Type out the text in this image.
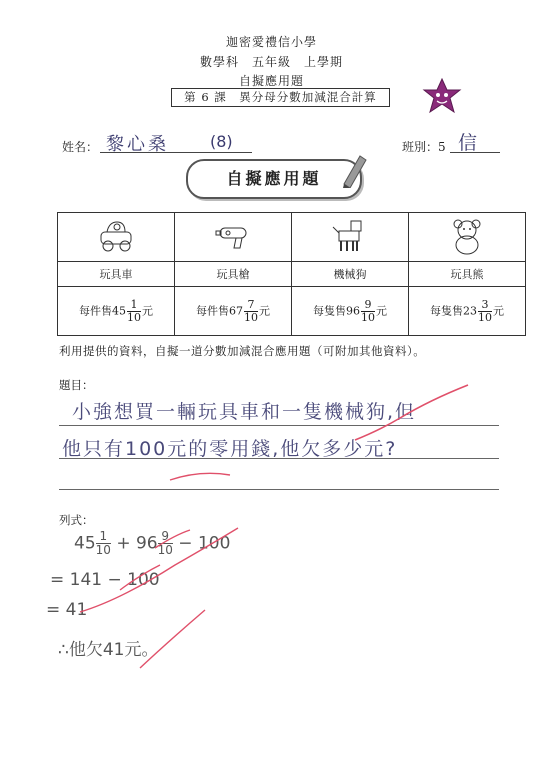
迦密愛禮信小學
數學科　五年級　上學期
自擬應用題
第 6 課　異分母分數加減混合計算
姓名： 黎心桑	(8)	班別：5 信
自擬應用題

玩具車	玩具槍	機械狗	玩具熊
每件售$45 \frac{1}{10}$ 元	每件售$67 \frac{7}{10}$ 元	每隻售$96 \frac{9}{10}$ 元	每隻售$23 \frac{3}{10}$ 元
利用提供的資料，自擬一道分數加減混合應用題（可附加其他資料）。
題目：
小強想買一輛玩具車和一隻機械狗,但
他只有100元的零用錢,他欠多少元?
列式：
$45 \frac{1}{10} + 96 \frac{9}{10} - 100$
= 141 − 100
= 41
∴他欠41元。
